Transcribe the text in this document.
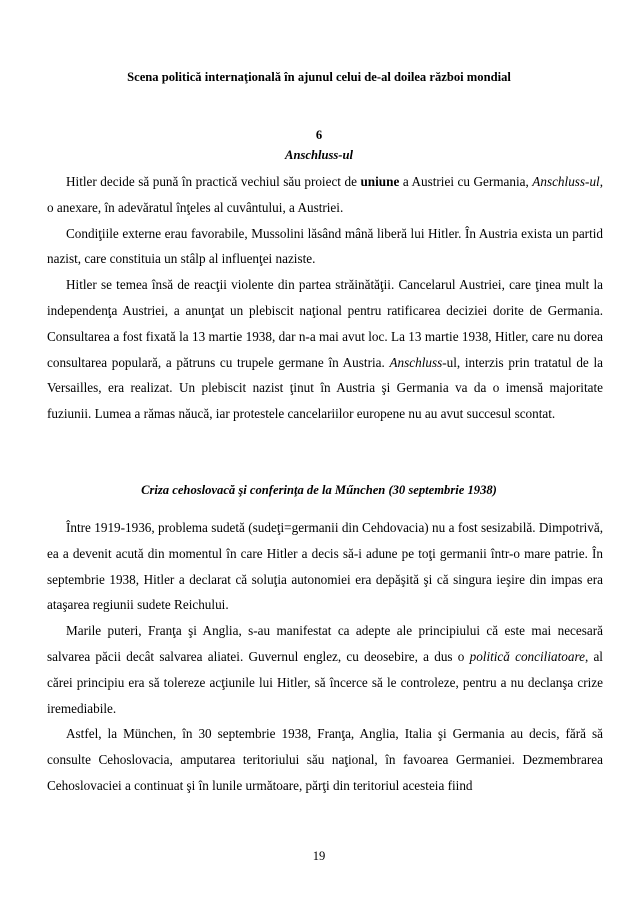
Scena politică internaţională în ajunul celui de-al doilea război mondial
6
Anschluss-ul

Hitler decide să pună în practică vechiul său proiect de uniune a Austriei cu Germania, Anschluss-ul, o anexare, în adevăratul înţeles al cuvântului, a Austriei.

Condiţiile externe erau favorabile, Mussolini lăsând mână liberă lui Hitler. În Austria exista un partid nazist, care constituia un stâlp al influenţei naziste.

Hitler se temea însă de reacţii violente din partea străinătăţii. Cancelarul Austriei, care ţinea mult la independenţa Austriei, a anunţat un plebiscit naţional pentru ratificarea deciziei dorite de Germania. Consultarea a fost fixată la 13 martie 1938, dar n-a mai avut loc. La 13 martie 1938, Hitler, care nu dorea consultarea populară, a pătruns cu trupele germane în Austria. Anschluss-ul, interzis prin tratatul de la Versailles, era realizat. Un plebiscit nazist ţinut în Austria şi Germania va da o imensă majoritate fuziunii. Lumea a rămas năucă, iar protestele cancelariilor europene nu au avut succesul scontat.

Criza cehoslovacă şi conferinţa de la Műnchen (30 septembrie 1938)

Între 1919-1936, problema sudetă (sudeţi=germanii din Cehdovacia) nu a fost sesizabilă. Dimpotrivă, ea a devenit acută din momentul în care Hitler a decis să-i adune pe toţi germanii într-o mare patrie. În septembrie 1938, Hitler a declarat că soluţia autonomiei era depăşită şi că singura ieşire din impas era ataşarea regiunii sudete Reichului.

Marile puteri, Franţa şi Anglia, s-au manifestat ca adepte ale principiului că este mai necesară salvarea păcii decât salvarea aliatei. Guvernul englez, cu deosebire, a dus o politică conciliatoare, al cărei principiu era să tolereze acţiunile lui Hitler, să încerce să le controleze, pentru a nu declanşa crize iremediabile.

Astfel, la München, în 30 septembrie 1938, Franţa, Anglia, Italia şi Germania au decis, fără să consulte Cehoslovacia, amputarea teritoriului său naţional, în favoarea Germaniei. Dezmembrarea Cehoslovaciei a continuat şi în lunile următoare, părţi din teritoriul acesteia fiind

19
